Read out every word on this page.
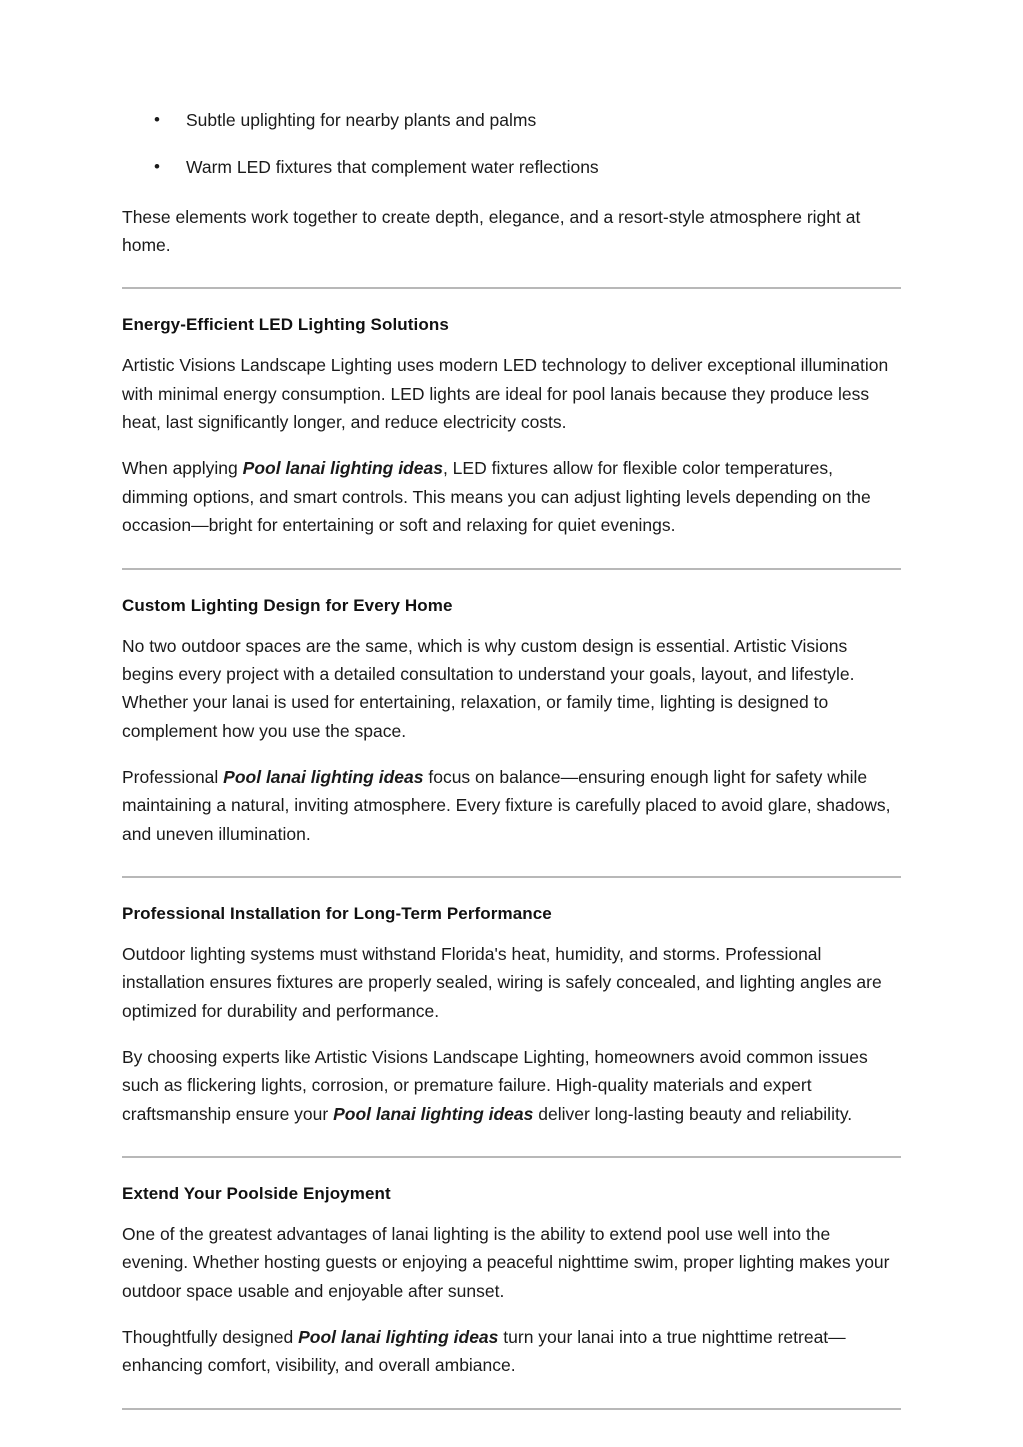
• Subtle uplighting for nearby plants and palms
• Warm LED fixtures that complement water reflections

These elements work together to create depth, elegance, and a resort-style atmosphere right at home.

Energy-Efficient LED Lighting Solutions

Artistic Visions Landscape Lighting uses modern LED technology to deliver exceptional illumination with minimal energy consumption. LED lights are ideal for pool lanais because they produce less heat, last significantly longer, and reduce electricity costs.

When applying Pool lanai lighting ideas, LED fixtures allow for flexible color temperatures, dimming options, and smart controls. This means you can adjust lighting levels depending on the occasion—bright for entertaining or soft and relaxing for quiet evenings.

Custom Lighting Design for Every Home

No two outdoor spaces are the same, which is why custom design is essential. Artistic Visions begins every project with a detailed consultation to understand your goals, layout, and lifestyle. Whether your lanai is used for entertaining, relaxation, or family time, lighting is designed to complement how you use the space.

Professional Pool lanai lighting ideas focus on balance—ensuring enough light for safety while maintaining a natural, inviting atmosphere. Every fixture is carefully placed to avoid glare, shadows, and uneven illumination.

Professional Installation for Long-Term Performance

Outdoor lighting systems must withstand Florida's heat, humidity, and storms. Professional installation ensures fixtures are properly sealed, wiring is safely concealed, and lighting angles are optimized for durability and performance.

By choosing experts like Artistic Visions Landscape Lighting, homeowners avoid common issues such as flickering lights, corrosion, or premature failure. High-quality materials and expert craftsmanship ensure your Pool lanai lighting ideas deliver long-lasting beauty and reliability.

Extend Your Poolside Enjoyment

One of the greatest advantages of lanai lighting is the ability to extend pool use well into the evening. Whether hosting guests or enjoying a peaceful nighttime swim, proper lighting makes your outdoor space usable and enjoyable after sunset.

Thoughtfully designed Pool lanai lighting ideas turn your lanai into a true nighttime retreat—enhancing comfort, visibility, and overall ambiance.
